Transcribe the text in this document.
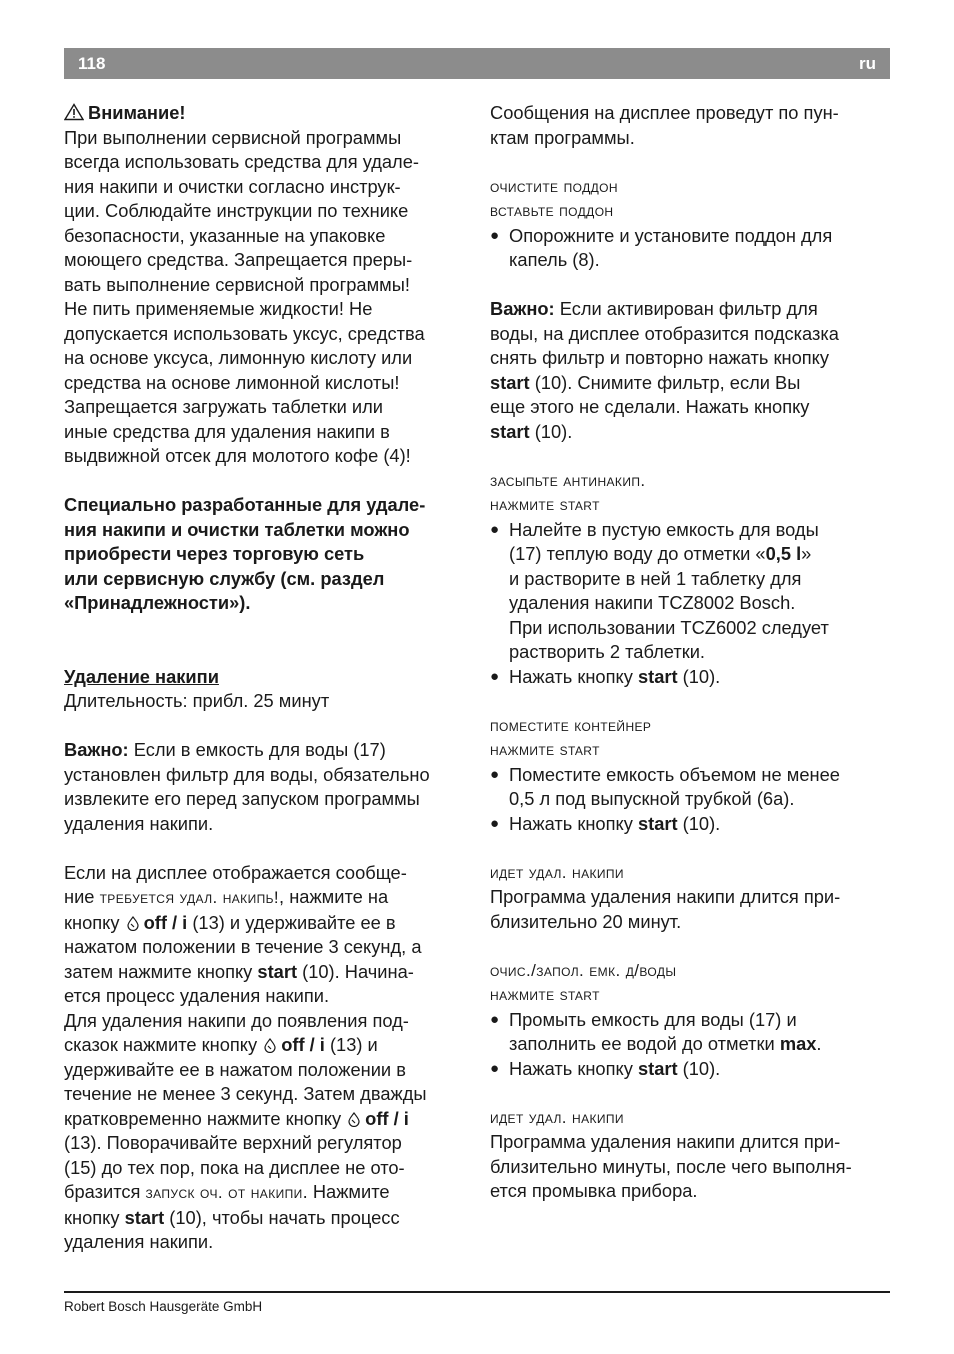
118	ru

Внимание!

При выполнении сервисной программы

всегда использовать средства для удале-

ния накипи и очистки согласно инструк-

ции. Соблюдайте инструкции по технике

безопасности, указанные на упаковке

моющего средства. Запрещается преры-

вать выполнение сервисной программы!

Не пить применяемые жидкости! Не

допускается использовать уксус, средства

на основе уксуса, лимонную кислоту или

средства на основе лимонной кислоты!

Запрещается загружать таблетки или

иные средства для удаления накипи в

выдвижной отсек для молотого кофе (4)!

Специально разработанные для удале-

ния накипи и очистки таблетки можно

приобрести через торговую сеть

или сервисную службу (см. раздел

«Принадлежности»).

Удаление накипи

Длительность: прибл. 25 минут

Важно: Если в емкость для воды (17)

установлен фильтр для воды, обязательно

извлеките его перед запуском программы

удаления накипи.

Если на дисплее отображается сообще-

ние требуется удал. накипь!, нажмите на

кнопку off / i (13) и удерживайте ее в

нажатом положении в течение 3 секунд, а

затем нажмите кнопку start (10). Начина-

ется процесс удаления накипи.

Для удаления накипи до появления под-

сказок нажмите кнопку off / i (13) и

удерживайте ее в нажатом положении в

течение не менее 3 секунд. Затем дважды

кратковременно нажмите кнопку off / i

(13). Поворачивайте верхний регулятор

(15) до тех пор, пока на дисплее не ото-

бразится запуск оч. от накипи. Нажмите

кнопку start (10), чтобы начать процесс

удаления накипи.

Сообщения на дисплее проведут по пун-

ктам программы.

очистите поддон
вставьте поддон

● Опорожните и установите поддон для

капель (8).

Важно: Если активирован фильтр для

воды, на дисплее отобразится подсказка

снять фильтр и повторно нажать кнопку

start (10). Снимите фильтр, если Вы

еще этого не сделали. Нажать кнопку

start (10).

засыпьте антинакип.
нажмите start

● Налейте в пустую емкость для воды

(17) теплую воду до отметки «0,5 l»

и растворите в ней 1 таблетку для

удаления накипи TCZ8002 Bosch.

При использовании TCZ6002 следует

растворить 2 таблетки.

● Нажать кнопку start (10).

поместите контейнер
нажмите start

● Поместите емкость объемом не менее

0,5 л под выпускной трубкой (6a).

● Нажать кнопку start (10).

идет удал. накипи

Программа удаления накипи длится при-

близительно 20 минут.

очис./запол. емк. д/воды
нажмите start

● Промыть емкость для воды (17) и

заполнить ее водой до отметки max.

● Нажать кнопку start (10).

идет удал. накипи

Программа удаления накипи длится при-

близительно минуты, после чего выполня-

ется промывка прибора.

Robert Bosch Hausgeräte GmbH
